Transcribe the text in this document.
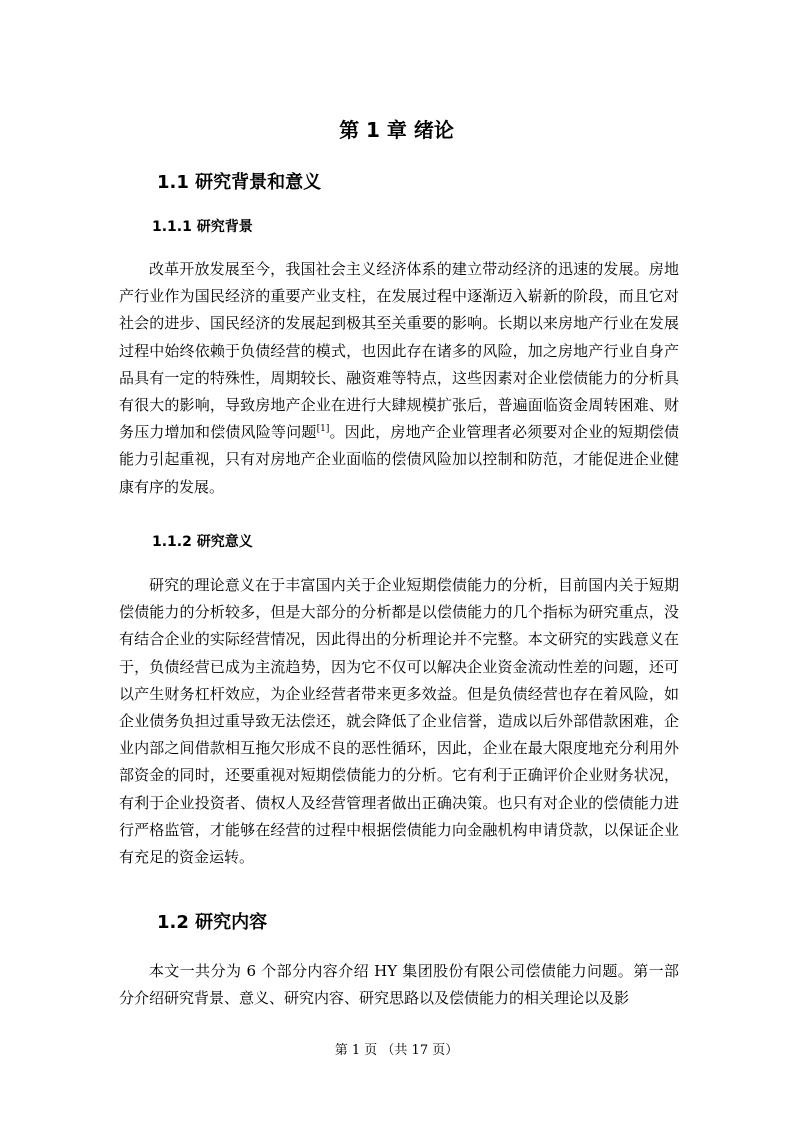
第 1 章 绪论
1.1 研究背景和意义
1.1.1 研究背景

改革开放发展至今，我国社会主义经济体系的建立带动经济的迅速的发展。房地产行业作为国民经济的重要产业支柱，在发展过程中逐渐迈入崭新的阶段，而且它对社会的进步、国民经济的发展起到极其至关重要的影响。长期以来房地产行业在发展过程中始终依赖于负债经营的模式，也因此存在诸多的风险，加之房地产行业自身产品具有一定的特殊性，周期较长、融资难等特点，这些因素对企业偿债能力的分析具有很大的影响，导致房地产企业在进行大肆规模扩张后，普遍面临资金周转困难、财务压力增加和偿债风险等问题[1]。因此，房地产企业管理者必须要对企业的短期偿债能力引起重视，只有对房地产企业面临的偿债风险加以控制和防范，才能促进企业健康有序的发展。

1.1.2 研究意义

研究的理论意义在于丰富国内关于企业短期偿债能力的分析，目前国内关于短期偿债能力的分析较多，但是大部分的分析都是以偿债能力的几个指标为研究重点，没有结合企业的实际经营情况，因此得出的分析理论并不完整。本文研究的实践意义在于，负债经营已成为主流趋势，因为它不仅可以解决企业资金流动性差的问题，还可以产生财务杠杆效应，为企业经营者带来更多效益。但是负债经营也存在着风险，如企业债务负担过重导致无法偿还，就会降低了企业信誉，造成以后外部借款困难，企业内部之间借款相互拖欠形成不良的恶性循环，因此，企业在最大限度地充分利用外部资金的同时，还要重视对短期偿债能力的分析。它有利于正确评价企业财务状况，有利于企业投资者、债权人及经营管理者做出正确决策。也只有对企业的偿债能力进行严格监管，才能够在经营的过程中根据偿债能力向金融机构申请贷款，以保证企业有充足的资金运转。

1.2 研究内容

本文一共分为 6 个部分内容介绍 HY 集团股份有限公司偿债能力问题。第一部分介绍研究背景、意义、研究内容、研究思路以及偿债能力的相关理论以及影

第 1 页 （共 17 页）
